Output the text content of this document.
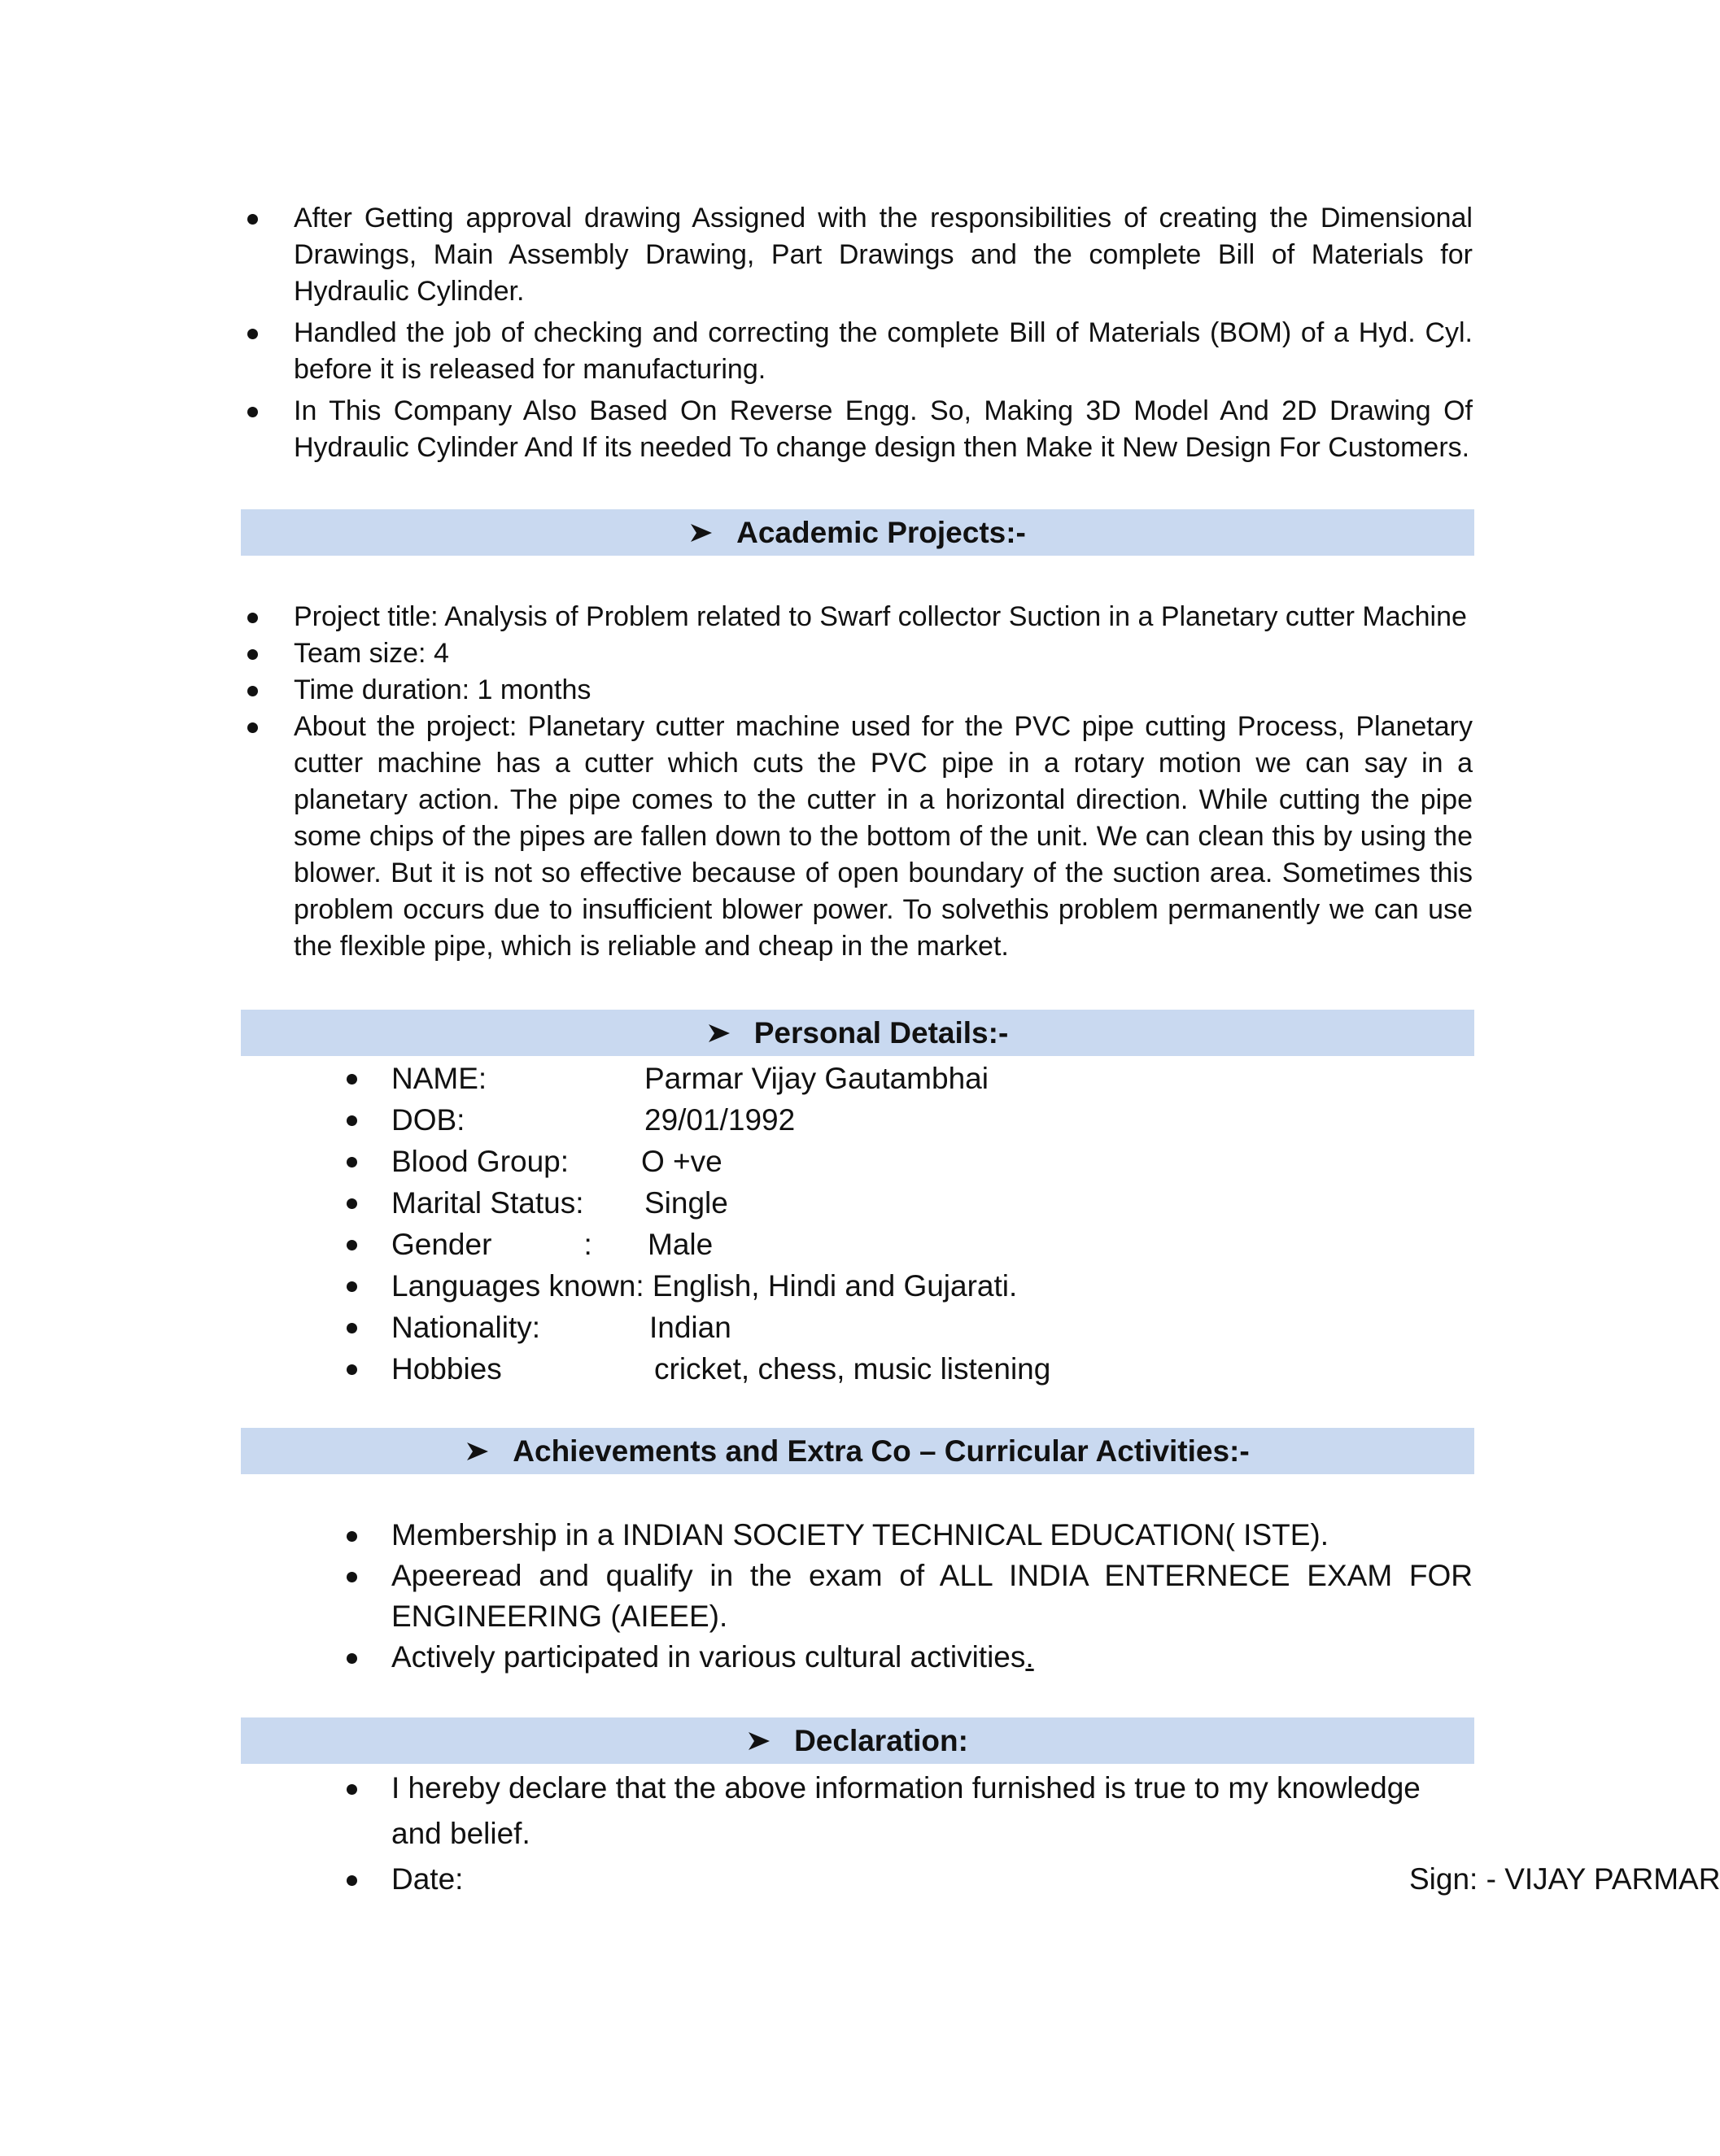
After Getting approval drawing Assigned with the responsibilities of creating the Dimensional Drawings, Main Assembly Drawing, Part Drawings and the complete Bill of Materials for Hydraulic Cylinder.
Handled the job of checking and correcting the complete Bill of Materials (BOM) of a Hyd. Cyl. before it is released for manufacturing.
In This Company Also Based On Reverse Engg. So, Making 3D Model And 2D Drawing Of Hydraulic Cylinder And If its needed To change design then Make it New Design For Customers.
Academic Projects:-
Project title: Analysis of Problem related to Swarf collector Suction in a Planetary cutter Machine
Team size: 4
Time duration: 1 months
About the project: Planetary cutter machine used for the PVC pipe cutting Process, Planetary cutter machine has a cutter which cuts the PVC pipe in a rotary motion we can say in a planetary action. The pipe comes to the cutter in a horizontal direction. While cutting the pipe some chips of the pipes are fallen down to the bottom of the unit. We can clean this by using the blower. But it is not so effective because of open boundary of the suction area. Sometimes this problem occurs due to insufficient blower power. To solvethis problem permanently we can use the flexible pipe, which is reliable and cheap in the market.
Personal Details:-
NAME:	Parmar Vijay Gautambhai
DOB:	29/01/1992
Blood Group: O +ve
Marital Status: Single
Gender           : Male
Languages known: English, Hindi and Gujarati.
Nationality:	Indian
Hobbies	cricket, chess, music listening
Achievements and Extra Co – Curricular Activities:-
Membership in a INDIAN SOCIETY TECHNICAL EDUCATION( ISTE).
Apeeread and qualify in the exam of ALL INDIA ENTERNECE EXAM FOR ENGINEERING (AIEEE).
Actively participated in various cultural activities.
Declaration:
I hereby declare that the above information furnished is true to my knowledge and belief.
Date:	Sign: - VIJAY PARMAR
